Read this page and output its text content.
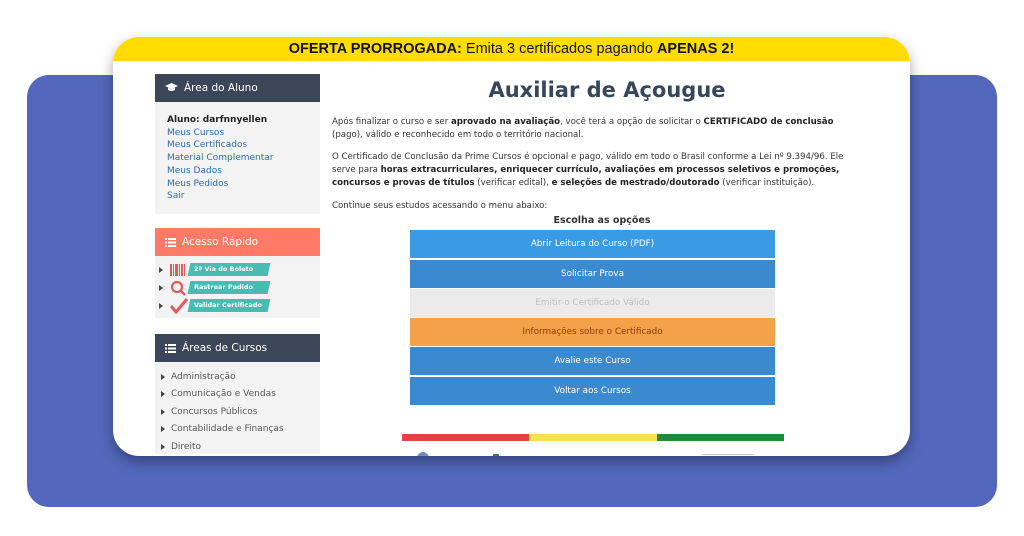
OFERTA PRORROGADA: Emita 3 certificados pagando APENAS 2!
Área do Aluno
Aluno: darfnnyellen
Meus Cursos
Meus Certificados
Material Complementar
Meus Dados
Meus Pedidos
Sair
Acesso Rápido
2ª Via do Boleto
Rastrear Pedido
Validar Certificado
Áreas de Cursos
Administração
Comunicação e Vendas
Concursos Públicos
Contabilidade e Finanças
Direito
Auxiliar de Açougue

Após finalizar o curso e ser aprovado na avaliação, você terá a opção de solicitar o CERTIFICADO de conclusão (pago), válido e reconhecido em todo o território nacional.

O Certificado de Conclusão da Prime Cursos é opcional e pago, válido em todo o Brasil conforme a Lei nº 9.394/96. Ele serve para horas extracurriculares, enriquecer currículo, avaliações em processos seletivos e promoções, concursos e provas de títulos (verificar edital), e seleções de mestrado/doutorado (verificar instituição).

Continue seus estudos acessando o menu abaixo:

Escolha as opções
Abrir Leitura do Curso (PDF)
Solicitar Prova
Emitir o Certificado Válido
Informações sobre o Certificado
Avalie este Curso
Voltar aos Cursos
